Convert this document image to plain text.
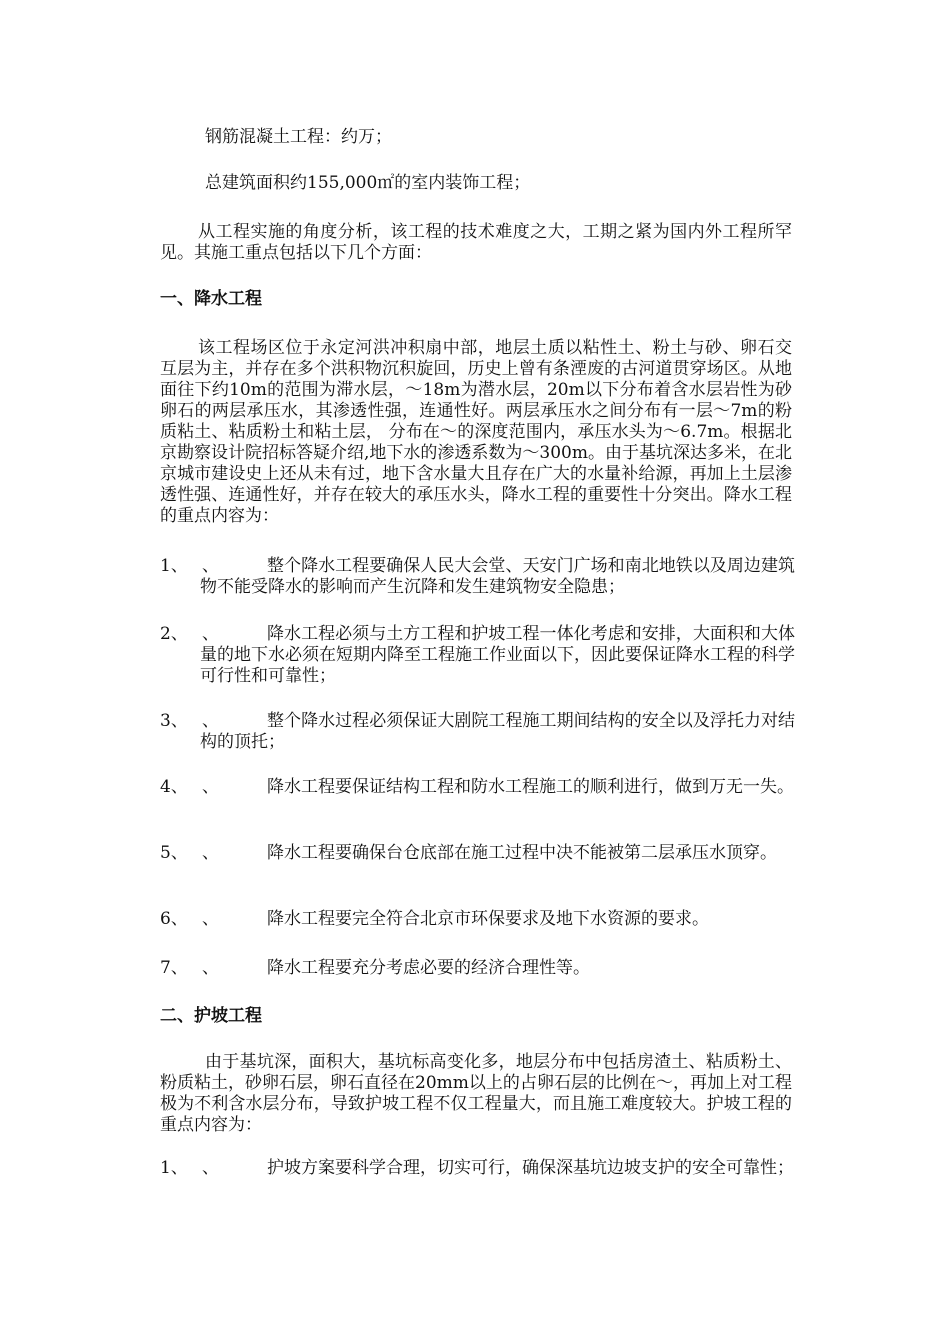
钢筋混凝土工程：约万；
总建筑面积约155,000㎡的室内装饰工程；
从工程实施的角度分析，该工程的技术难度之大，工期之紧为国内外工程所罕见。其施工重点包括以下几个方面：
一、降水工程
该工程场区位于永定河洪冲积扇中部，地层土质以粘性土、粉土与砂、卵石交互层为主，并存在多个洪积物沉积旋回，历史上曾有条湮废的古河道贯穿场区。从地面往下约10m的范围为滞水层，～18m为潜水层，20m以下分布着含水层岩性为砂卵石的两层承压水，其渗透性强，连通性好。两层承压水之间分布有一层～7m的粉质粘土、粘质粉土和粘土层， 分布在～的深度范围内，承压水头为～6.7m。根据北京勘察设计院招标答疑介绍,地下水的渗透系数为～300m。由于基坑深达多米，在北京城市建设史上还从未有过，地下含水量大且存在广大的水量补给源，再加上土层渗透性强、连通性好，并存在较大的承压水头，降水工程的重要性十分突出。降水工程的重点内容为：
1、 、	整个降水工程要确保人民大会堂、天安门广场和南北地铁以及周边建筑物不能受降水的影响而产生沉降和发生建筑物安全隐患；
2、 、	降水工程必须与土方工程和护坡工程一体化考虑和安排，大面积和大体量的地下水必须在短期内降至工程施工作业面以下，因此要保证降水工程的科学可行性和可靠性；
3、 、	整个降水过程必须保证大剧院工程施工期间结构的安全以及浮托力对结构的顶托；
4、 、	降水工程要保证结构工程和防水工程施工的顺利进行，做到万无一失。
5、 、	降水工程要确保台仓底部在施工过程中决不能被第二层承压水顶穿。
6、 、	降水工程要完全符合北京市环保要求及地下水资源的要求。
7、 、	降水工程要充分考虑必要的经济合理性等。
二、护坡工程
由于基坑深，面积大，基坑标高变化多，地层分布中包括房渣土、粘质粉土、粉质粘土，砂卵石层，卵石直径在20mm以上的占卵石层的比例在～，再加上对工程极为不利含水层分布，导致护坡工程不仅工程量大，而且施工难度较大。护坡工程的重点内容为：
1、 、	护坡方案要科学合理，切实可行，确保深基坑边坡支护的安全可靠性；
